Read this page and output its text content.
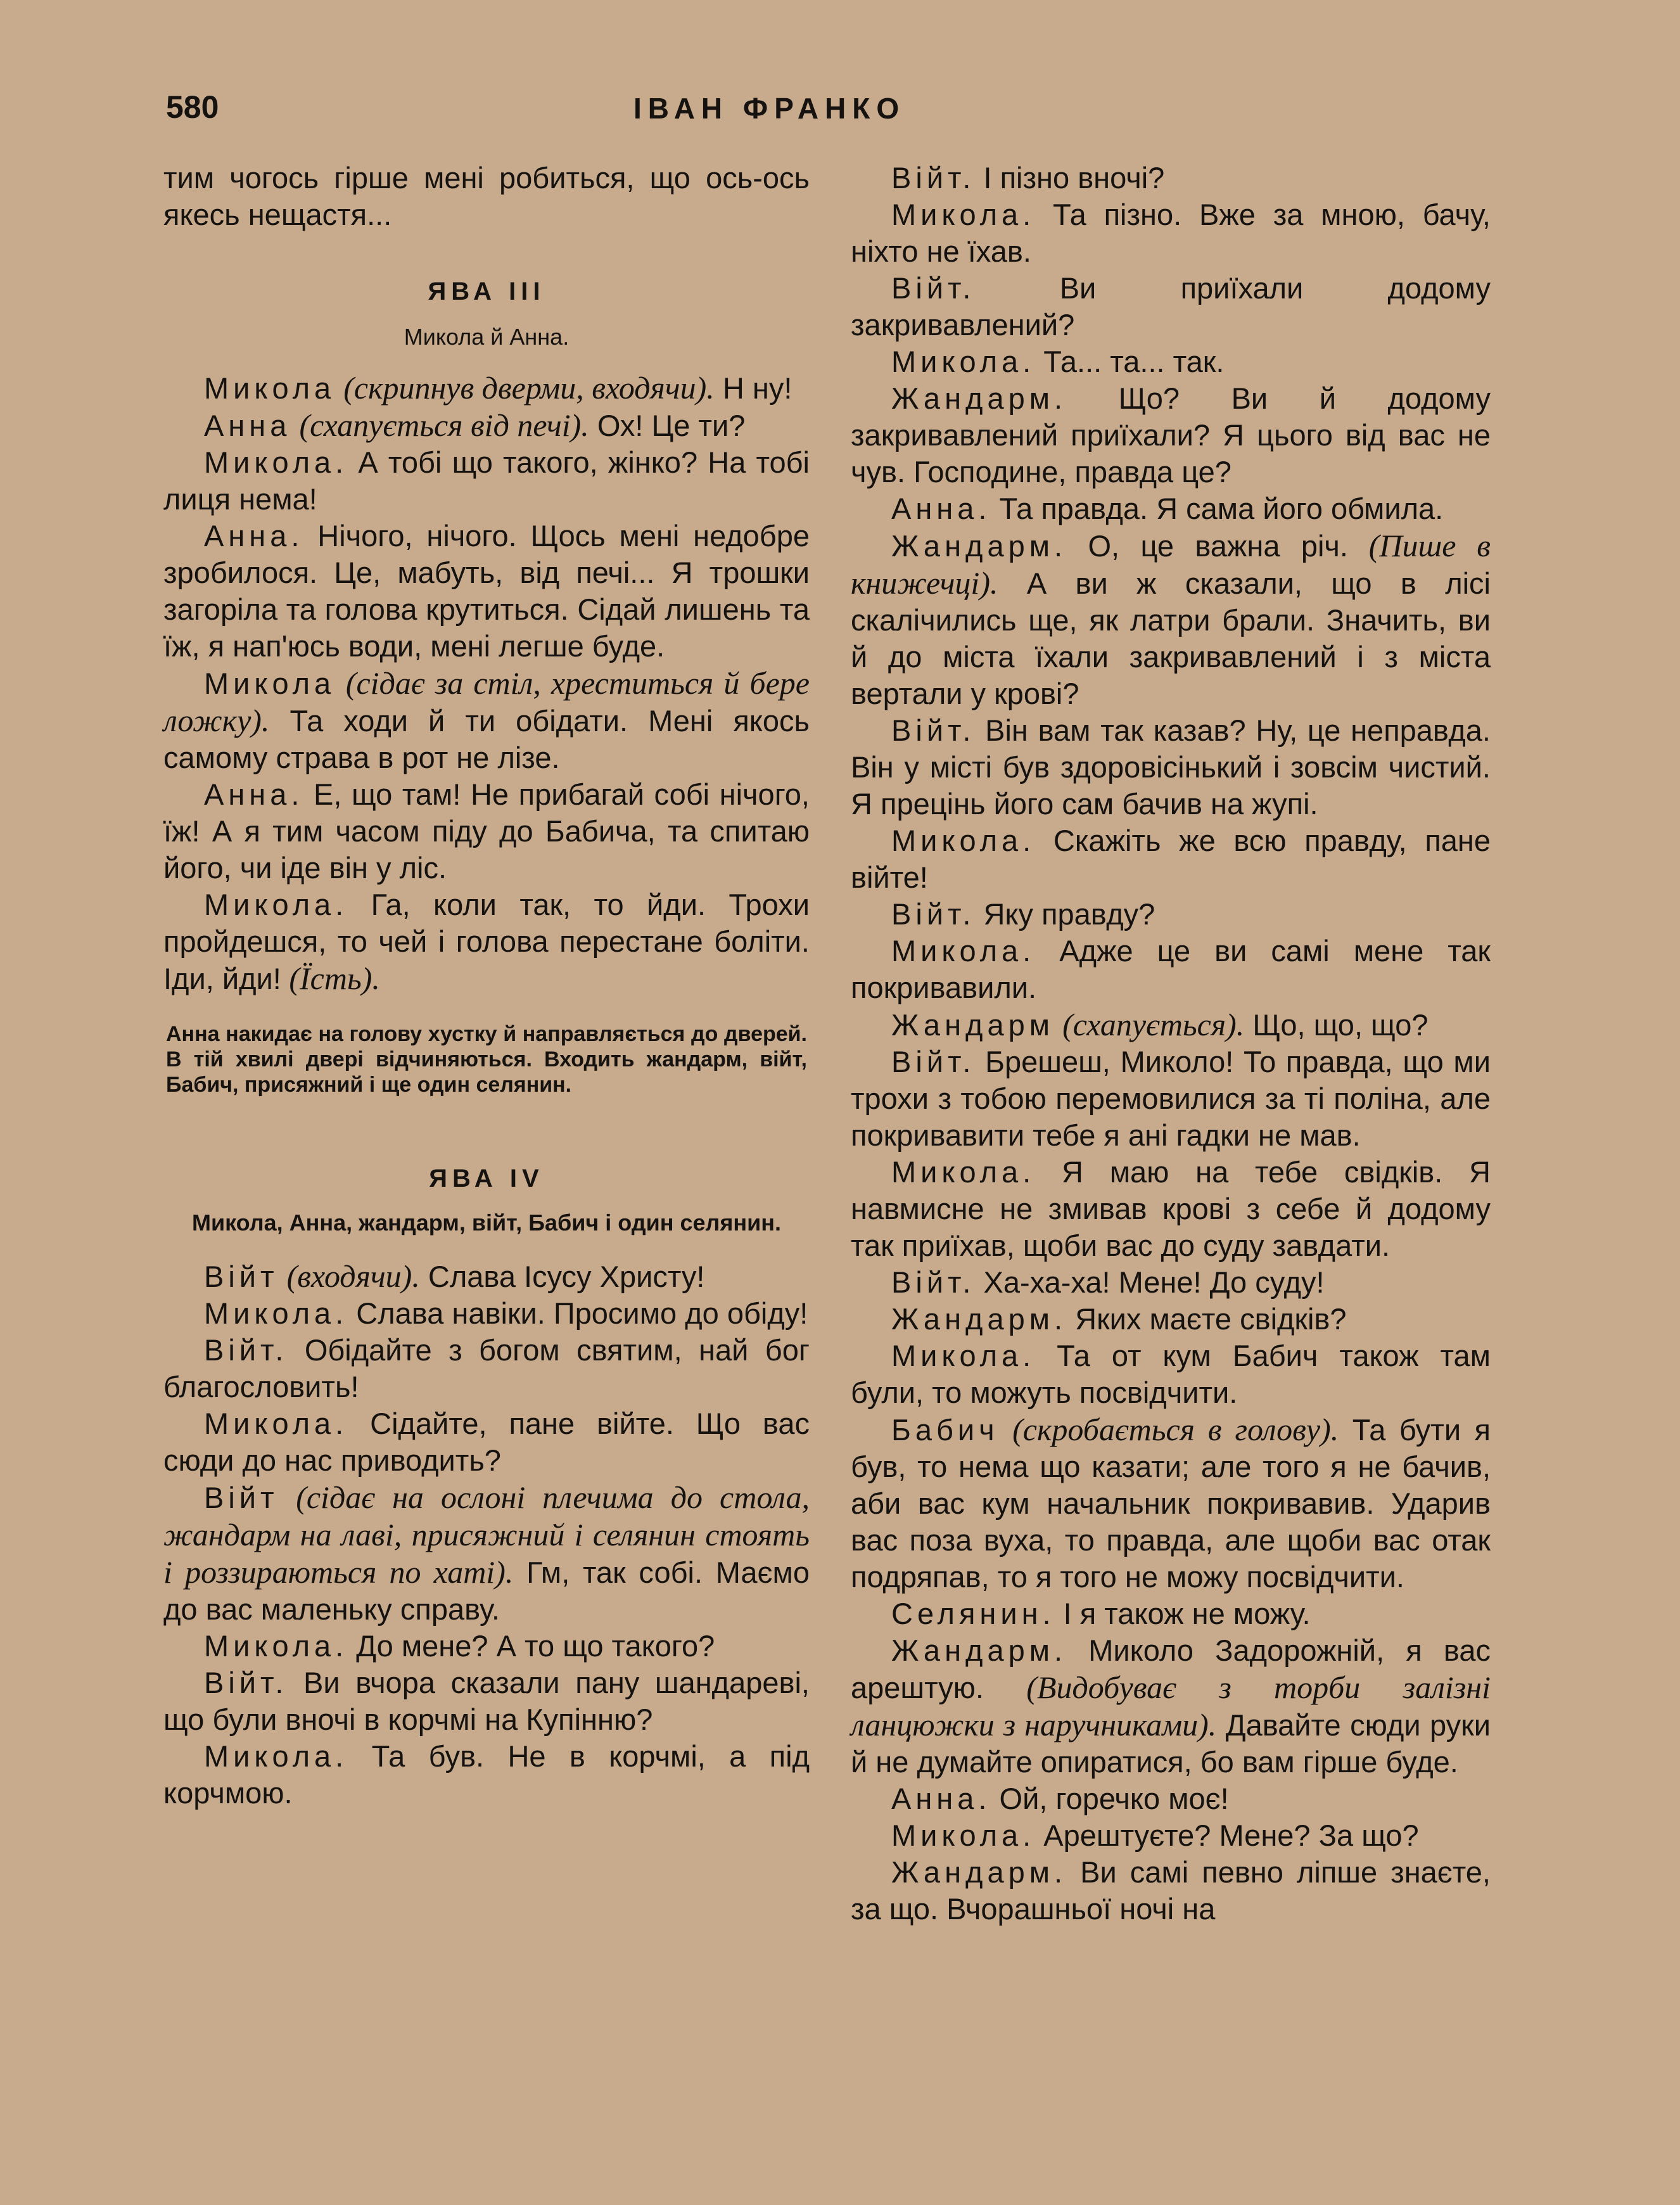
580	ІВАН ФРАНКО

тим чогось гірше мені робиться, що ось-ось якесь нещастя...

ЯВА III
Микола й Анна.

Микола (скрипнув дверми, входячи). Н ну!

Анна (схапується від печі). Ох! Це ти?

Микола. А тобі що такого, жінко? На тобі лиця нема!

Анна. Нічого, нічого. Щось мені недобре зробилося. Це, мабуть, від печі... Я трошки загоріла та голова крутиться. Сідай лишень та їж, я нап'юсь води, мені легше буде.

Микола (сідає за стіл, хреститься й бере ложку). Та ходи й ти обідати. Мені якось самому страва в рот не лізе.

Анна. Е, що там! Не прибагай собі нічого, їж! А я тим часом піду до Бабича, та спитаю його, чи іде він у ліс.

Микола. Га, коли так, то йди. Трохи пройдешся, то чей і голова перестане боліти. Іди, йди! (Їсть).

Анна накидає на голову хустку й направляється до дверей. В тій хвилі двері відчиняються. Входить жандарм, війт, Бабич, присяжний і ще один селянин.
ЯВА IV
Микола, Анна, жандарм, війт, Бабич і один селянин.

Війт (входячи). Слава Ісусу Христу!

Микола. Слава навіки. Просимо до обіду!

Війт. Обідайте з богом святим, най бог благословить!

Микола. Сідайте, пане війте. Що вас сюди до нас приводить?

Війт (сідає на ослоні плечима до стола, жандарм на лаві, присяжний і селянин стоять і роззираються по хаті). Гм, так собі. Маємо до вас маленьку справу.

Микола. До мене? А то що такого?

Війт. Ви вчора сказали пану шандареві, що були вночі в корчмі на Купінню?

Микола. Та був. Не в корчмі, а під корчмою.

Війт. І пізно вночі?

Микола. Та пізно. Вже за мною, бачу, ніхто не їхав.

Війт. Ви приїхали додому закривавлений?

Микола. Та... та... так.

Жандарм. Що? Ви й додому закривавлений приїхали? Я цього від вас не чув. Господине, правда це?

Анна. Та правда. Я сама його обмила.

Жандарм. О, це важна річ. (Пише в книжечці). А ви ж сказали, що в лісі скалічились ще, як латри брали. Значить, ви й до міста їхали закривавлений і з міста вертали у крові?

Війт. Він вам так казав? Ну, це неправда. Він у місті був здоровісінький і зовсім чистий. Я прецінь його сам бачив на жупі.

Микола. Скажіть же всю правду, пане війте!

Війт. Яку правду?

Микола. Адже це ви самі мене так покривавили.

Жандарм (схапується). Що, що, що?

Війт. Брешеш, Миколо! То правда, що ми трохи з тобою перемовилися за ті поліна, але покривавити тебе я ані гадки не мав.

Микола. Я маю на тебе свідків. Я навмисне не змивав крові з себе й додому так приїхав, щоби вас до суду завдати.

Війт. Ха-ха-ха! Мене! До суду!

Жандарм. Яких маєте свідків?

Микола. Та от кум Бабич також там були, то можуть посвідчити.

Бабич (скробається в голову). Та бути я був, то нема що казати; але того я не бачив, аби вас кум начальник покривавив. Ударив вас поза вуха, то правда, але щоби вас отак подряпав, то я того не можу посвідчити.

Селянин. І я також не можу.

Жандарм. Миколо Задорожній, я вас арештую. (Видобуває з торби залізні ланцюжки з наручниками). Давайте сюди руки й не думайте опиратися, бо вам гірше буде.

Анна. Ой, горечко моє!

Микола. Арештуєте? Мене? За що?

Жандарм. Ви самі певно ліпше знаєте, за що. Вчорашньої ночі на
